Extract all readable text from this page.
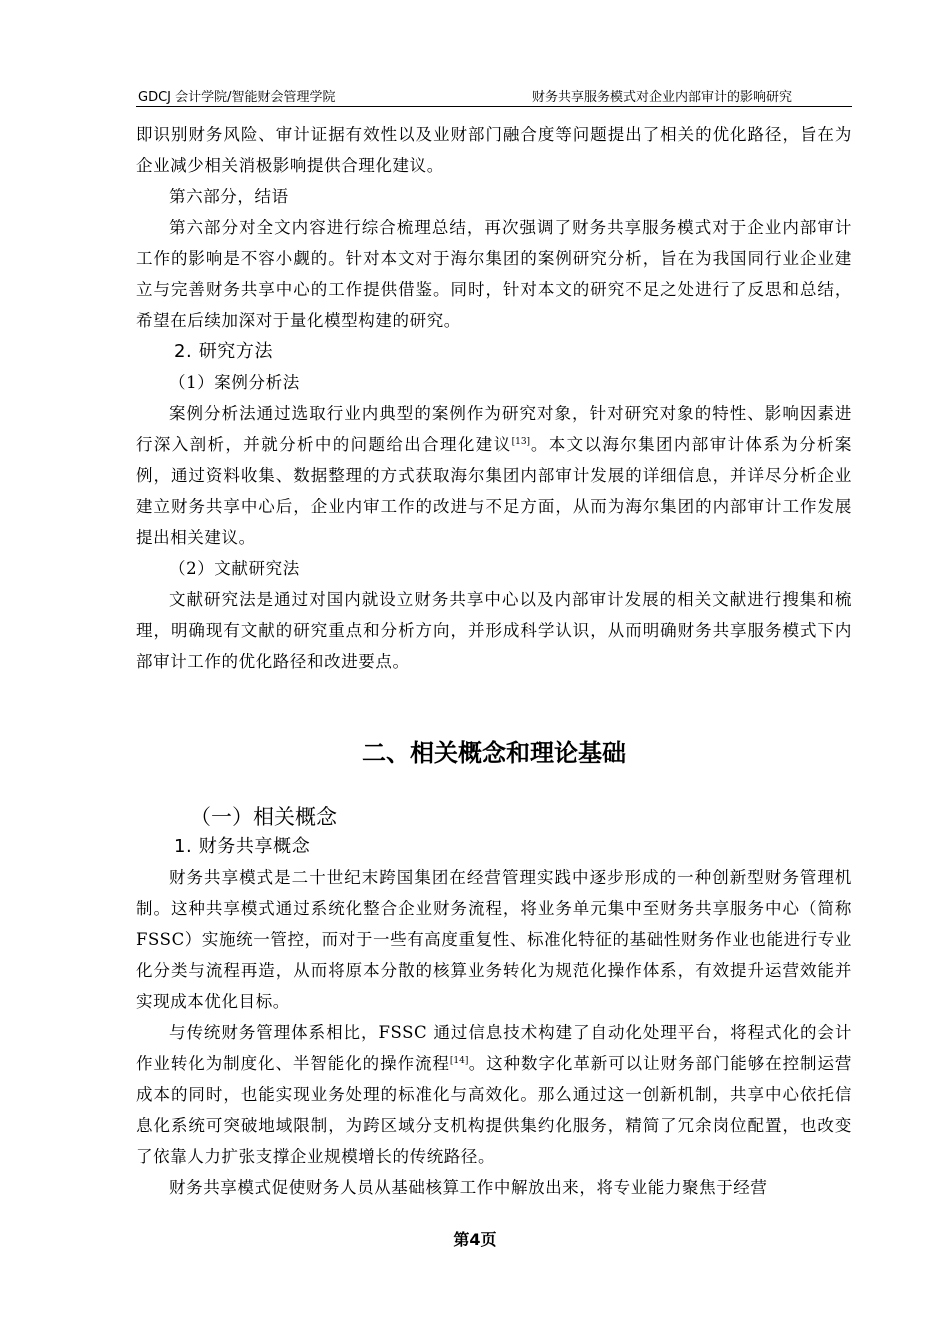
GDCJ 会计学院/智能财会管理学院	财务共享服务模式对企业内部审计的影响研究

即识别财务风险、审计证据有效性以及业财部门融合度等问题提出了相关的优化路径，旨在为企业减少相关消极影响提供合理化建议。

第六部分，结语

第六部分对全文内容进行综合梳理总结，再次强调了财务共享服务模式对于企业内部审计工作的影响是不容小觑的。针对本文对于海尔集团的案例研究分析，旨在为我国同行业企业建立与完善财务共享中心的工作提供借鉴。同时，针对本文的研究不足之处进行了反思和总结，希望在后续加深对于量化模型构建的研究。

2. 研究方法

（1）案例分析法

案例分析法通过选取行业内典型的案例作为研究对象，针对研究对象的特性、影响因素进行深入剖析，并就分析中的问题给出合理化建议[13]。本文以海尔集团内部审计体系为分析案例，通过资料收集、数据整理的方式获取海尔集团内部审计发展的详细信息，并详尽分析企业建立财务共享中心后，企业内审工作的改进与不足方面，从而为海尔集团的内部审计工作发展提出相关建议。

（2）文献研究法

文献研究法是通过对国内就设立财务共享中心以及内部审计发展的相关文献进行搜集和梳理，明确现有文献的研究重点和分析方向，并形成科学认识，从而明确财务共享服务模式下内部审计工作的优化路径和改进要点。

二、相关概念和理论基础
（一）相关概念

1. 财务共享概念

财务共享模式是二十世纪末跨国集团在经营管理实践中逐步形成的一种创新型财务管理机制。这种共享模式通过系统化整合企业财务流程，将业务单元集中至财务共享服务中心（简称 FSSC）实施统一管控，而对于一些有高度重复性、标准化特征的基础性财务作业也能进行专业化分类与流程再造，从而将原本分散的核算业务转化为规范化操作体系，有效提升运营效能并实现成本优化目标。

与传统财务管理体系相比，FSSC 通过信息技术构建了自动化处理平台，将程式化的会计作业转化为制度化、半智能化的操作流程[14]。这种数字化革新可以让财务部门能够在控制运营成本的同时，也能实现业务处理的标准化与高效化。那么通过这一创新机制，共享中心依托信息化系统可突破地域限制，为跨区域分支机构提供集约化服务，精简了冗余岗位配置，也改变了依靠人力扩张支撑企业规模增长的传统路径。

财务共享模式促使财务人员从基础核算工作中解放出来，将专业能力聚焦于经营

第4页
